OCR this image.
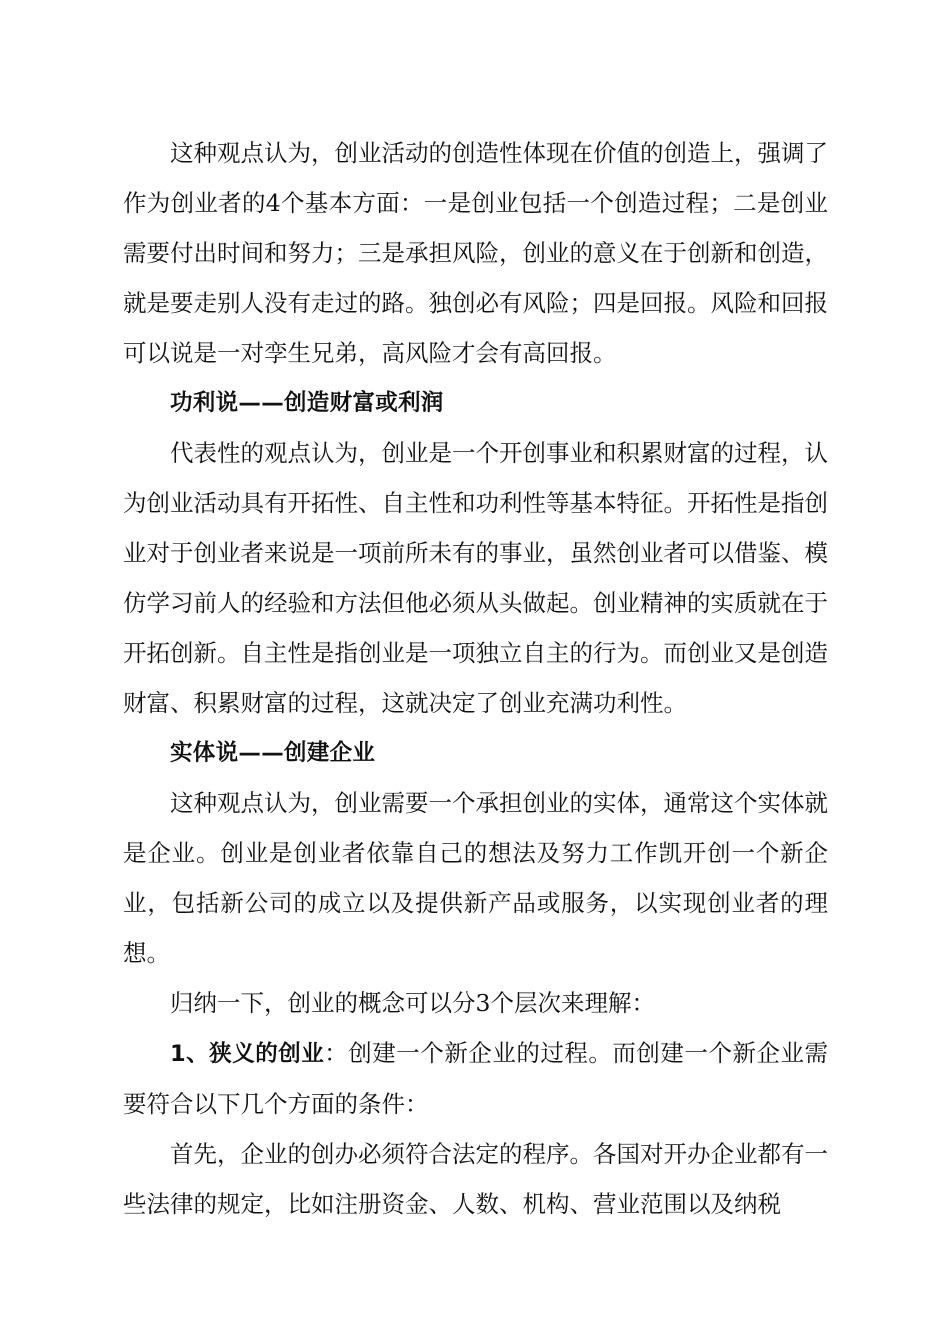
这种观点认为，创业活动的创造性体现在价值的创造上，强调了作为创业者的4个基本方面：一是创业包括一个创造过程；二是创业需要付出时间和努力；三是承担风险，创业的意义在于创新和创造，就是要走别人没有走过的路。独创必有风险；四是回报。风险和回报可以说是一对孪生兄弟，高风险才会有高回报。

功利说——创造财富或利润

代表性的观点认为，创业是一个开创事业和积累财富的过程，认为创业活动具有开拓性、自主性和功利性等基本特征。开拓性是指创业对于创业者来说是一项前所未有的事业，虽然创业者可以借鉴、模仿学习前人的经验和方法但他必须从头做起。创业精神的实质就在于开拓创新。自主性是指创业是一项独立自主的行为。而创业又是创造财富、积累财富的过程，这就决定了创业充满功利性。

实体说——创建企业

这种观点认为，创业需要一个承担创业的实体，通常这个实体就是企业。创业是创业者依靠自己的想法及努力工作凯开创一个新企业，包括新公司的成立以及提供新产品或服务，以实现创业者的理想。

归纳一下，创业的概念可以分3个层次来理解：

1、狭义的创业：创建一个新企业的过程。而创建一个新企业需要符合以下几个方面的条件：

首先，企业的创办必须符合法定的程序。各国对开办企业都有一些法律的规定，比如注册资金、人数、机构、营业范围以及纳税
